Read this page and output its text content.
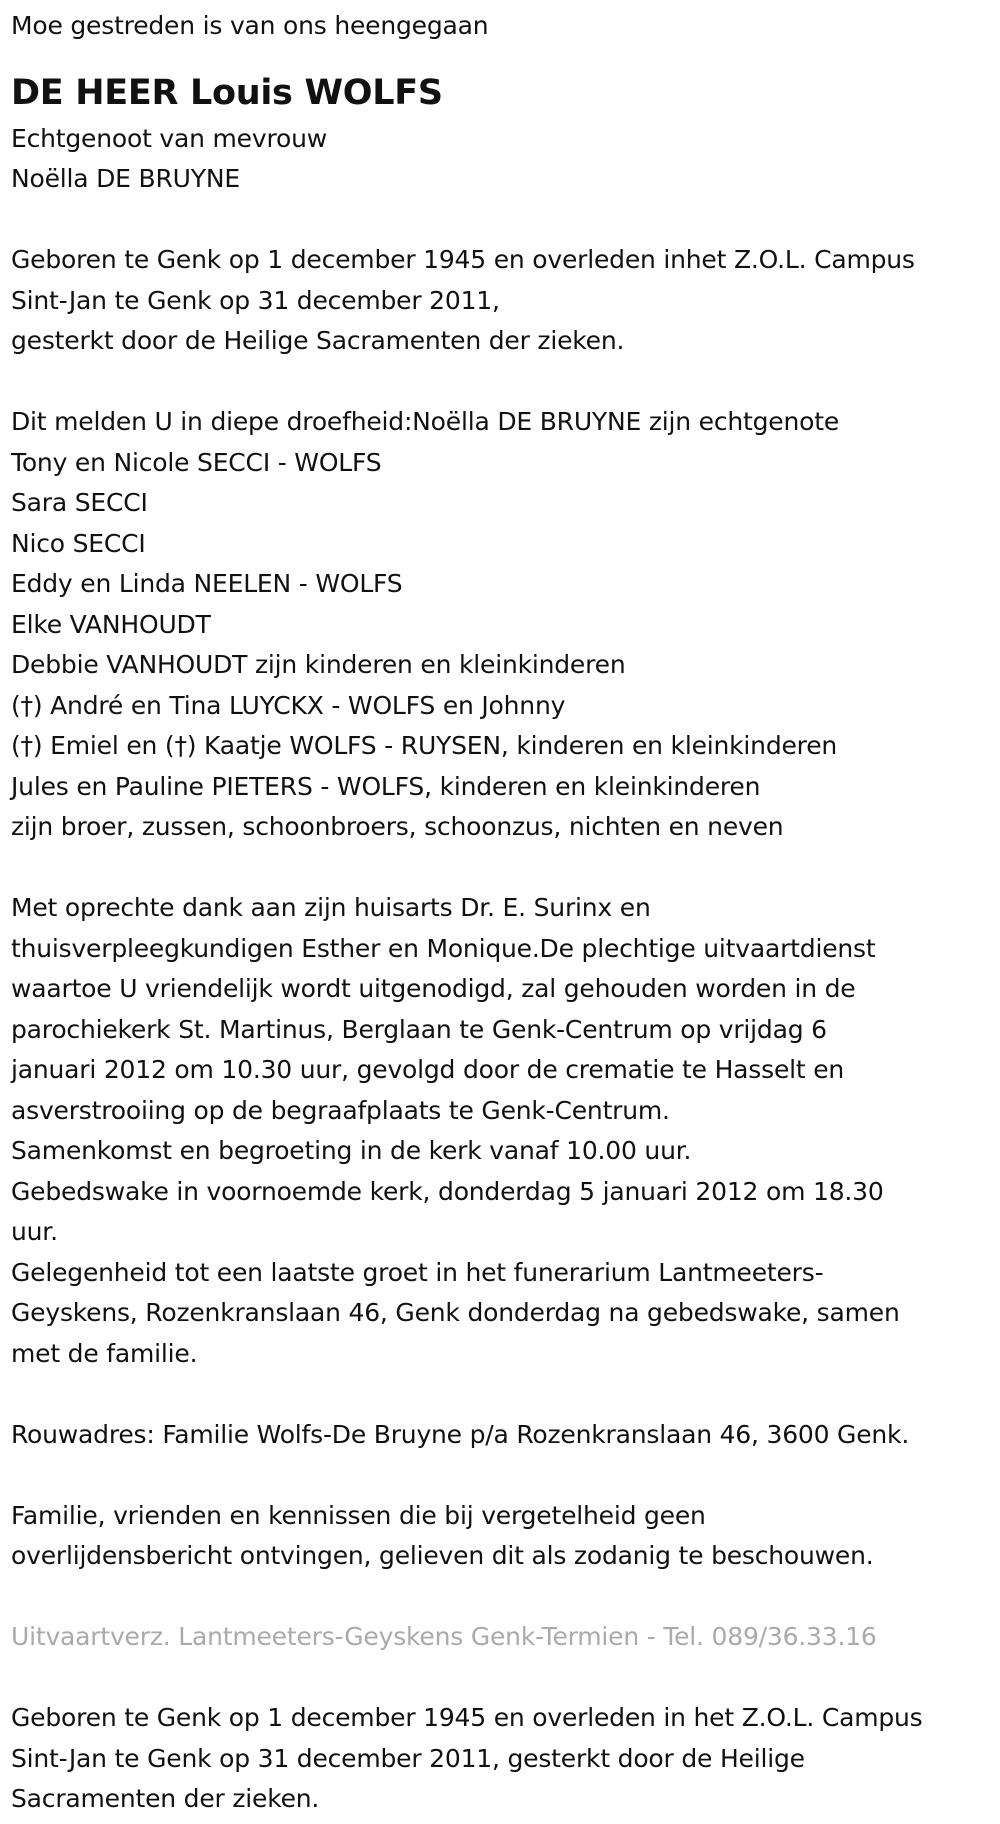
Moe gestreden is van ons heengegaan
DE HEER Louis WOLFS
Echtgenoot van mevrouw
Noëlla DE BRUYNE
Geboren te Genk op 1 december 1945 en overleden inhet Z.O.L. Campus
Sint-Jan te Genk op 31 december 2011,
gesterkt door de Heilige Sacramenten der zieken.
Dit melden U in diepe droefheid:Noëlla DE BRUYNE zijn echtgenote
Tony en Nicole SECCI - WOLFS
Sara SECCI
Nico SECCI
Eddy en Linda NEELEN - WOLFS
Elke VANHOUDT
Debbie VANHOUDT zijn kinderen en kleinkinderen
(†) André en Tina LUYCKX - WOLFS en Johnny
(†) Emiel en (†) Kaatje WOLFS - RUYSEN, kinderen en kleinkinderen
Jules en Pauline PIETERS - WOLFS, kinderen en kleinkinderen
zijn broer, zussen, schoonbroers, schoonzus, nichten en neven
Met oprechte dank aan zijn huisarts Dr. E. Surinx en
thuisverpleegkundigen Esther en Monique.De plechtige uitvaartdienst
waartoe U vriendelijk wordt uitgenodigd, zal gehouden worden in de
parochiekerk St. Martinus, Berglaan te Genk-Centrum op vrijdag 6
januari 2012 om 10.30 uur, gevolgd door de crematie te Hasselt en
asverstrooiing op de begraafplaats te Genk-Centrum.
Samenkomst en begroeting in de kerk vanaf 10.00 uur.
Gebedswake in voornoemde kerk, donderdag 5 januari 2012 om 18.30
uur.
Gelegenheid tot een laatste groet in het funerarium Lantmeeters-
Geyskens, Rozenkranslaan 46, Genk donderdag na gebedswake, samen
met de familie.
Rouwadres: Familie Wolfs-De Bruyne p/a Rozenkranslaan 46, 3600 Genk.
Familie, vrienden en kennissen die bij vergetelheid geen
overlijdensbericht ontvingen, gelieven dit als zodanig te beschouwen.
Uitvaartverz. Lantmeeters-Geyskens Genk-Termien - Tel. 089/36.33.16
Geboren te Genk op 1 december 1945 en overleden in het Z.O.L. Campus
Sint-Jan te Genk op 31 december 2011, gesterkt door de Heilige
Sacramenten der zieken.
